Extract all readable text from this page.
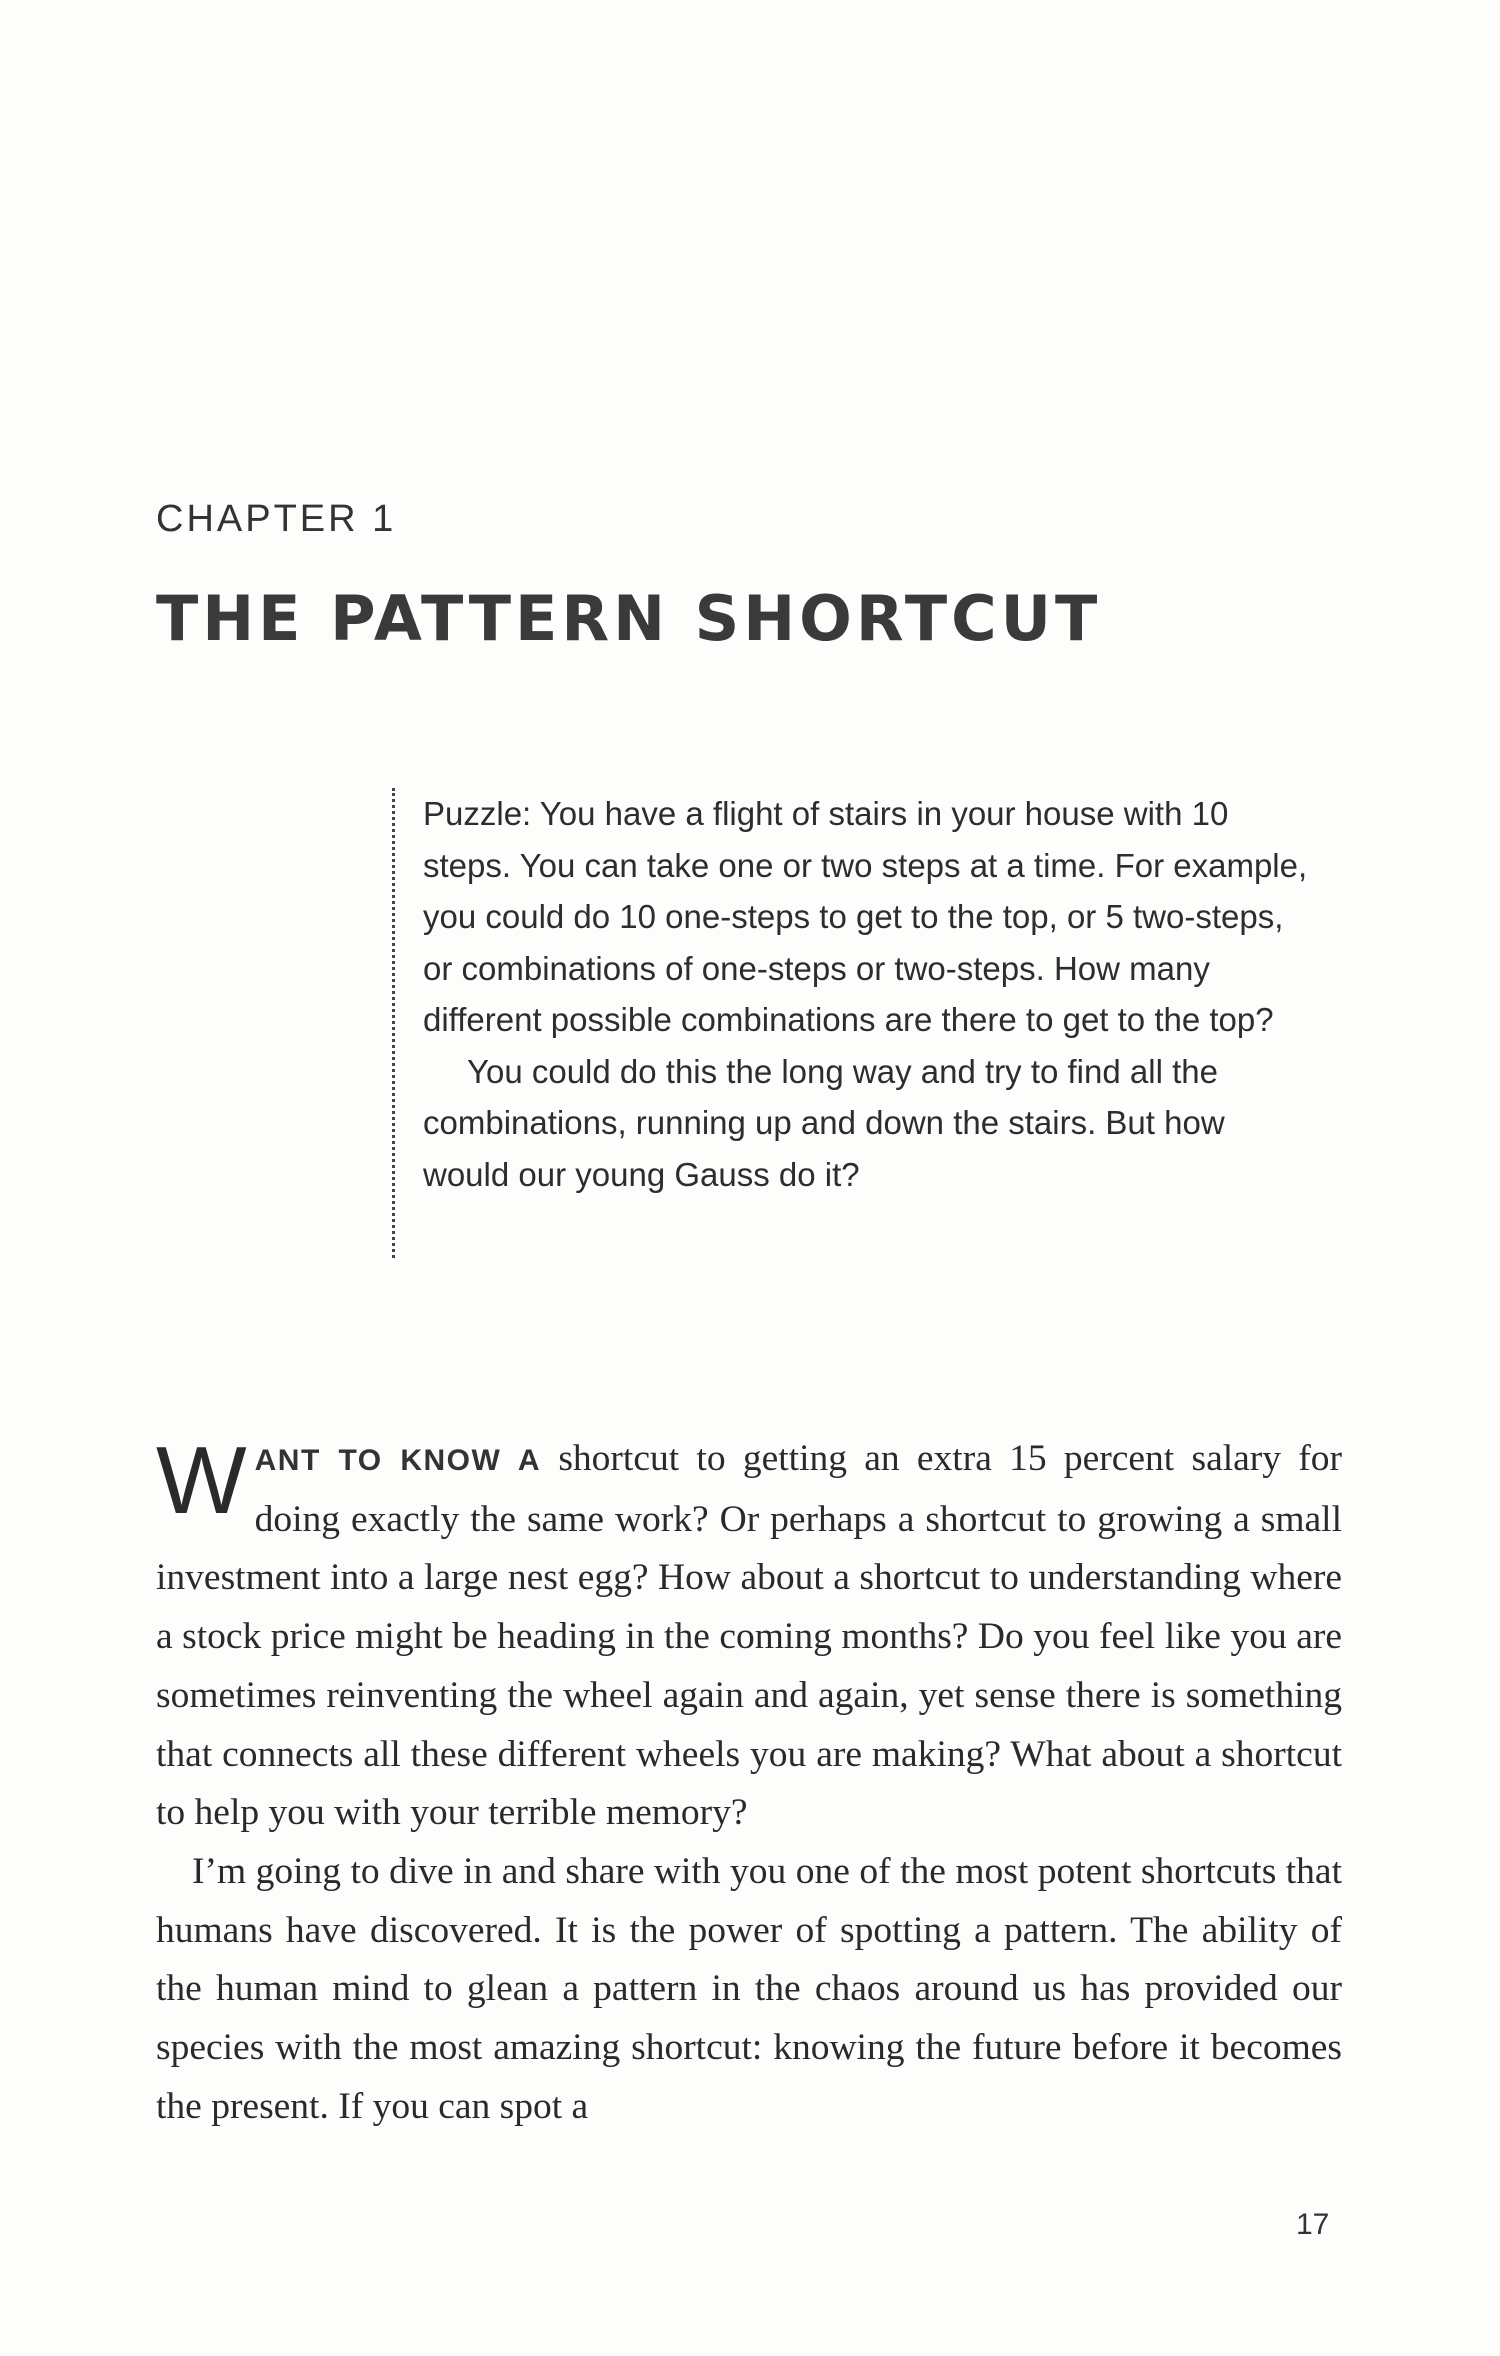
CHAPTER 1
THE PATTERN SHORTCUT

Puzzle: You have a flight of stairs in your house with 10 steps. You can take one or two steps at a time. For example, you could do 10 one-steps to get to the top, or 5 two-steps, or combinations of one-steps or two-steps. How many different possible combinations are there to get to the top?

You could do this the long way and try to find all the combinations, running up and down the stairs. But how would our young Gauss do it?

WANT TO KNOW A shortcut to getting an extra 15 percent salary for doing exactly the same work? Or perhaps a shortcut to growing a small investment into a large nest egg? How about a shortcut to understanding where a stock price might be heading in the coming months? Do you feel like you are sometimes reinventing the wheel again and again, yet sense there is something that connects all these different wheels you are making? What about a shortcut to help you with your terrible memory?

I’m going to dive in and share with you one of the most potent shortcuts that humans have discovered. It is the power of spotting a pattern. The ability of the human mind to glean a pattern in the chaos around us has provided our species with the most amazing shortcut: knowing the future before it becomes the present. If you can spot a

17
